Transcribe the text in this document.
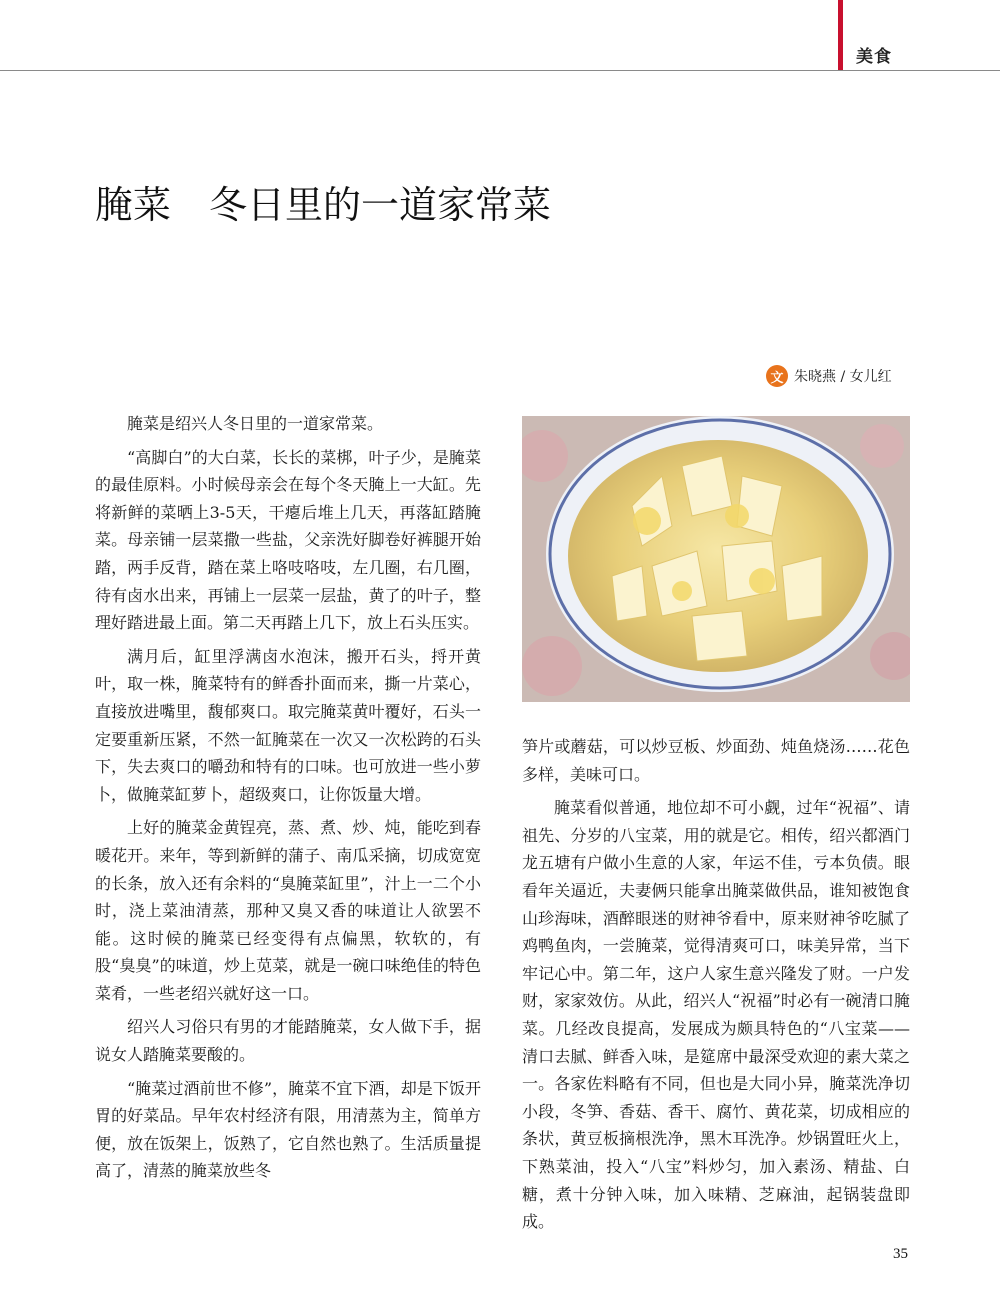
美食
腌菜　冬日里的一道家常菜
文 朱晓燕 / 女儿红

腌菜是绍兴人冬日里的一道家常菜。

“高脚白”的大白菜，长长的菜梆，叶子少，是腌菜的最佳原料。小时候母亲会在每个冬天腌上一大缸。先将新鲜的菜晒上3-5天，干瘪后堆上几天，再落缸踏腌菜。母亲铺一层菜撒一些盐，父亲洗好脚卷好裤腿开始踏，两手反背，踏在菜上咯吱咯吱，左几圈，右几圈，待有卤水出来，再铺上一层菜一层盐，黄了的叶子，整理好踏进最上面。第二天再踏上几下，放上石头压实。

满月后，缸里浮满卤水泡沫，搬开石头，捋开黄叶，取一株，腌菜特有的鲜香扑面而来，撕一片菜心，直接放进嘴里，馥郁爽口。取完腌菜黄叶覆好，石头一定要重新压紧，不然一缸腌菜在一次又一次松跨的石头下，失去爽口的嚼劲和特有的口味。也可放进一些小萝卜，做腌菜缸萝卜，超级爽口，让你饭量大增。

上好的腌菜金黄锃亮，蒸、煮、炒、炖，能吃到春暖花开。来年，等到新鲜的蒲子、南瓜采摘，切成宽宽的长条，放入还有余料的“臭腌菜缸里”，汁上一二个小时，浇上菜油清蒸，那种又臭又香的味道让人欲罢不能。这时候的腌菜已经变得有点偏黑，软软的，有股“臭臭”的味道，炒上苋菜，就是一碗口味绝佳的特色菜肴，一些老绍兴就好这一口。

绍兴人习俗只有男的才能踏腌菜，女人做下手，据说女人踏腌菜要酸的。

“腌菜过酒前世不修”，腌菜不宜下酒，却是下饭开胃的好菜品。早年农村经济有限，用清蒸为主，简单方便，放在饭架上，饭熟了，它自然也熟了。生活质量提高了，清蒸的腌菜放些冬

笋片或蘑菇，可以炒豆板、炒面劲、炖鱼烧汤……花色多样，美味可口。

腌菜看似普通，地位却不可小觑，过年“祝福”、请祖先、分岁的八宝菜，用的就是它。相传，绍兴都酒门龙五塘有户做小生意的人家，年运不佳，亏本负债。眼看年关逼近，夫妻俩只能拿出腌菜做供品，谁知被饱食山珍海味，酒醉眼迷的财神爷看中，原来财神爷吃腻了鸡鸭鱼肉，一尝腌菜，觉得清爽可口，味美异常，当下牢记心中。第二年，这户人家生意兴隆发了财。一户发财，家家效仿。从此，绍兴人“祝福”时必有一碗清口腌菜。几经改良提高，发展成为颇具特色的“八宝菜——清口去腻、鲜香入味，是筵席中最深受欢迎的素大菜之一。各家佐料略有不同，但也是大同小异，腌菜洗净切小段，冬笋、香菇、香干、腐竹、黄花菜，切成相应的条状，黄豆板摘根洗净，黑木耳洗净。炒锅置旺火上，下熟菜油，投入“八宝”料炒匀，加入素汤、精盐、白糖，煮十分钟入味，加入味精、芝麻油，起锅装盘即成。

35
